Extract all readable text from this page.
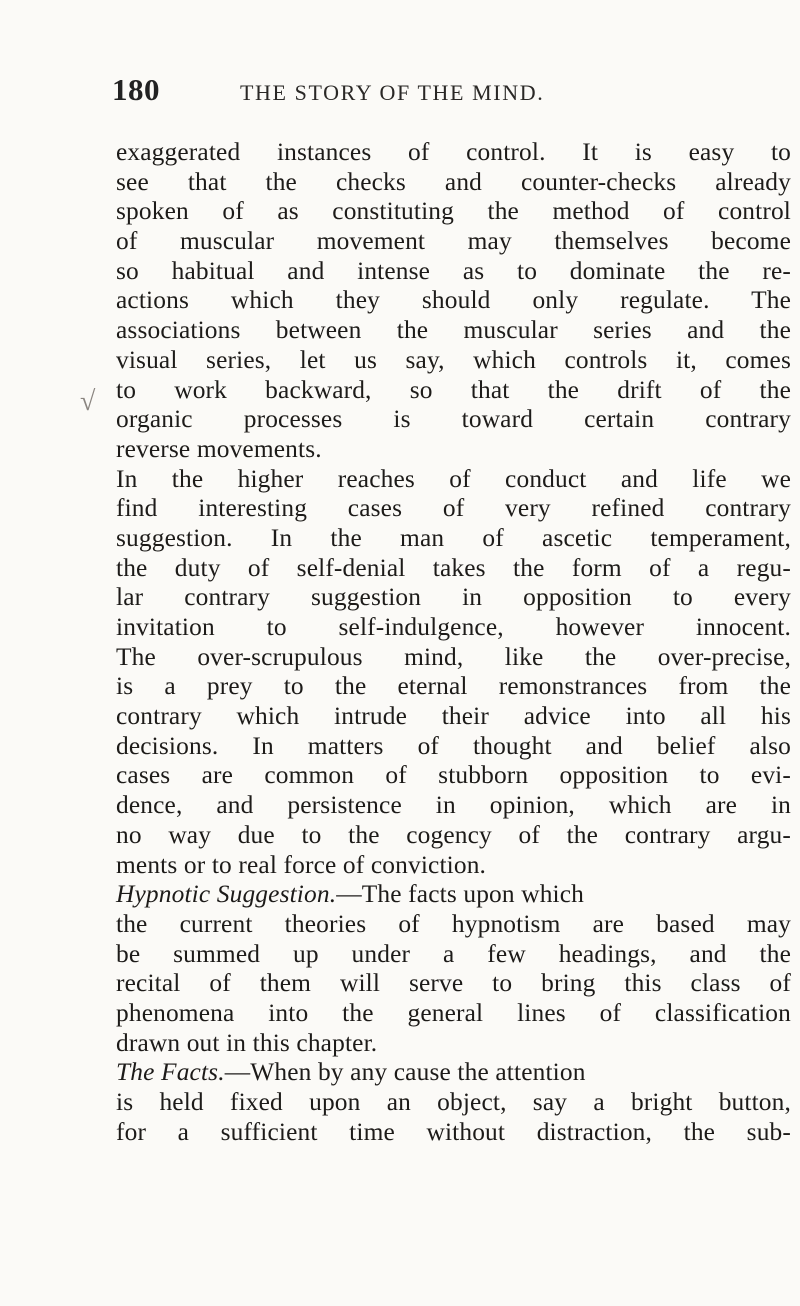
180	THE STORY OF THE MIND.
√
exaggerated instances of control. It is easy to
see that the checks and counter-checks already
spoken of as constituting the method of control
of muscular movement may themselves become
so habitual and intense as to dominate the re-
actions which they should only regulate. The
associations between the muscular series and the
visual series, let us say, which controls it, comes
to work backward, so that the drift of the
organic processes is toward certain contrary
reverse movements.
In the higher reaches of conduct and life we
find interesting cases of very refined contrary
suggestion. In the man of ascetic temperament,
the duty of self-denial takes the form of a regu-
lar contrary suggestion in opposition to every
invitation to self-indulgence, however innocent.
The over-scrupulous mind, like the over-precise,
is a prey to the eternal remonstrances from the
contrary which intrude their advice into all his
decisions. In matters of thought and belief also
cases are common of stubborn opposition to evi-
dence, and persistence in opinion, which are in
no way due to the cogency of the contrary argu-
ments or to real force of conviction.
Hypnotic Suggestion.—The facts upon which
the current theories of hypnotism are based may
be summed up under a few headings, and the
recital of them will serve to bring this class of
phenomena into the general lines of classification
drawn out in this chapter.
The Facts.—When by any cause the attention
is held fixed upon an object, say a bright button,
for a sufficient time without distraction, the sub-
